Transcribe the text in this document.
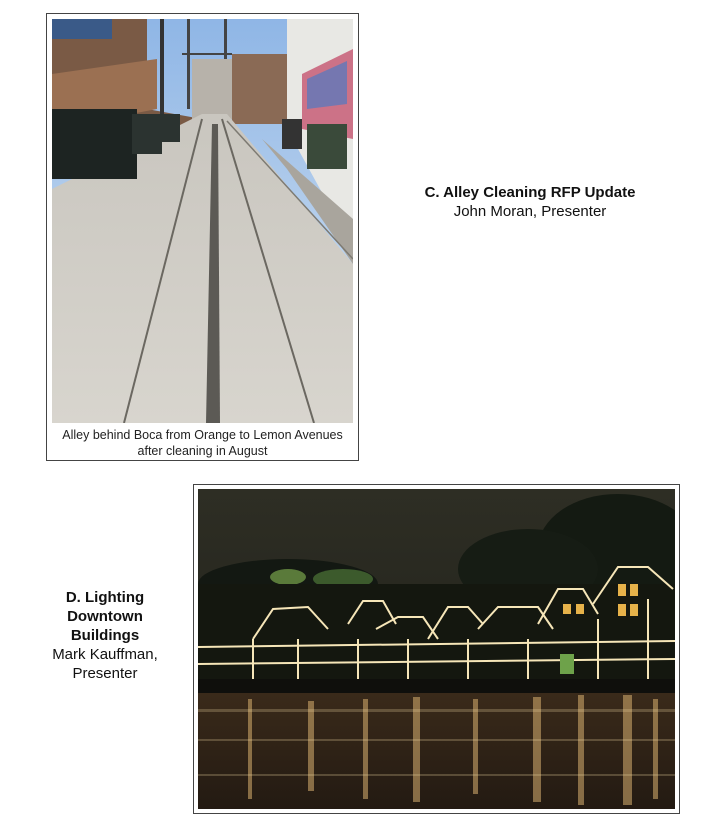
Alley behind Boca from Orange to Lemon Avenues
after cleaning in August
C. Alley Cleaning RFP Update
John Moran, Presenter
D. Lighting
Downtown
Buildings
Mark Kauffman,
Presenter
